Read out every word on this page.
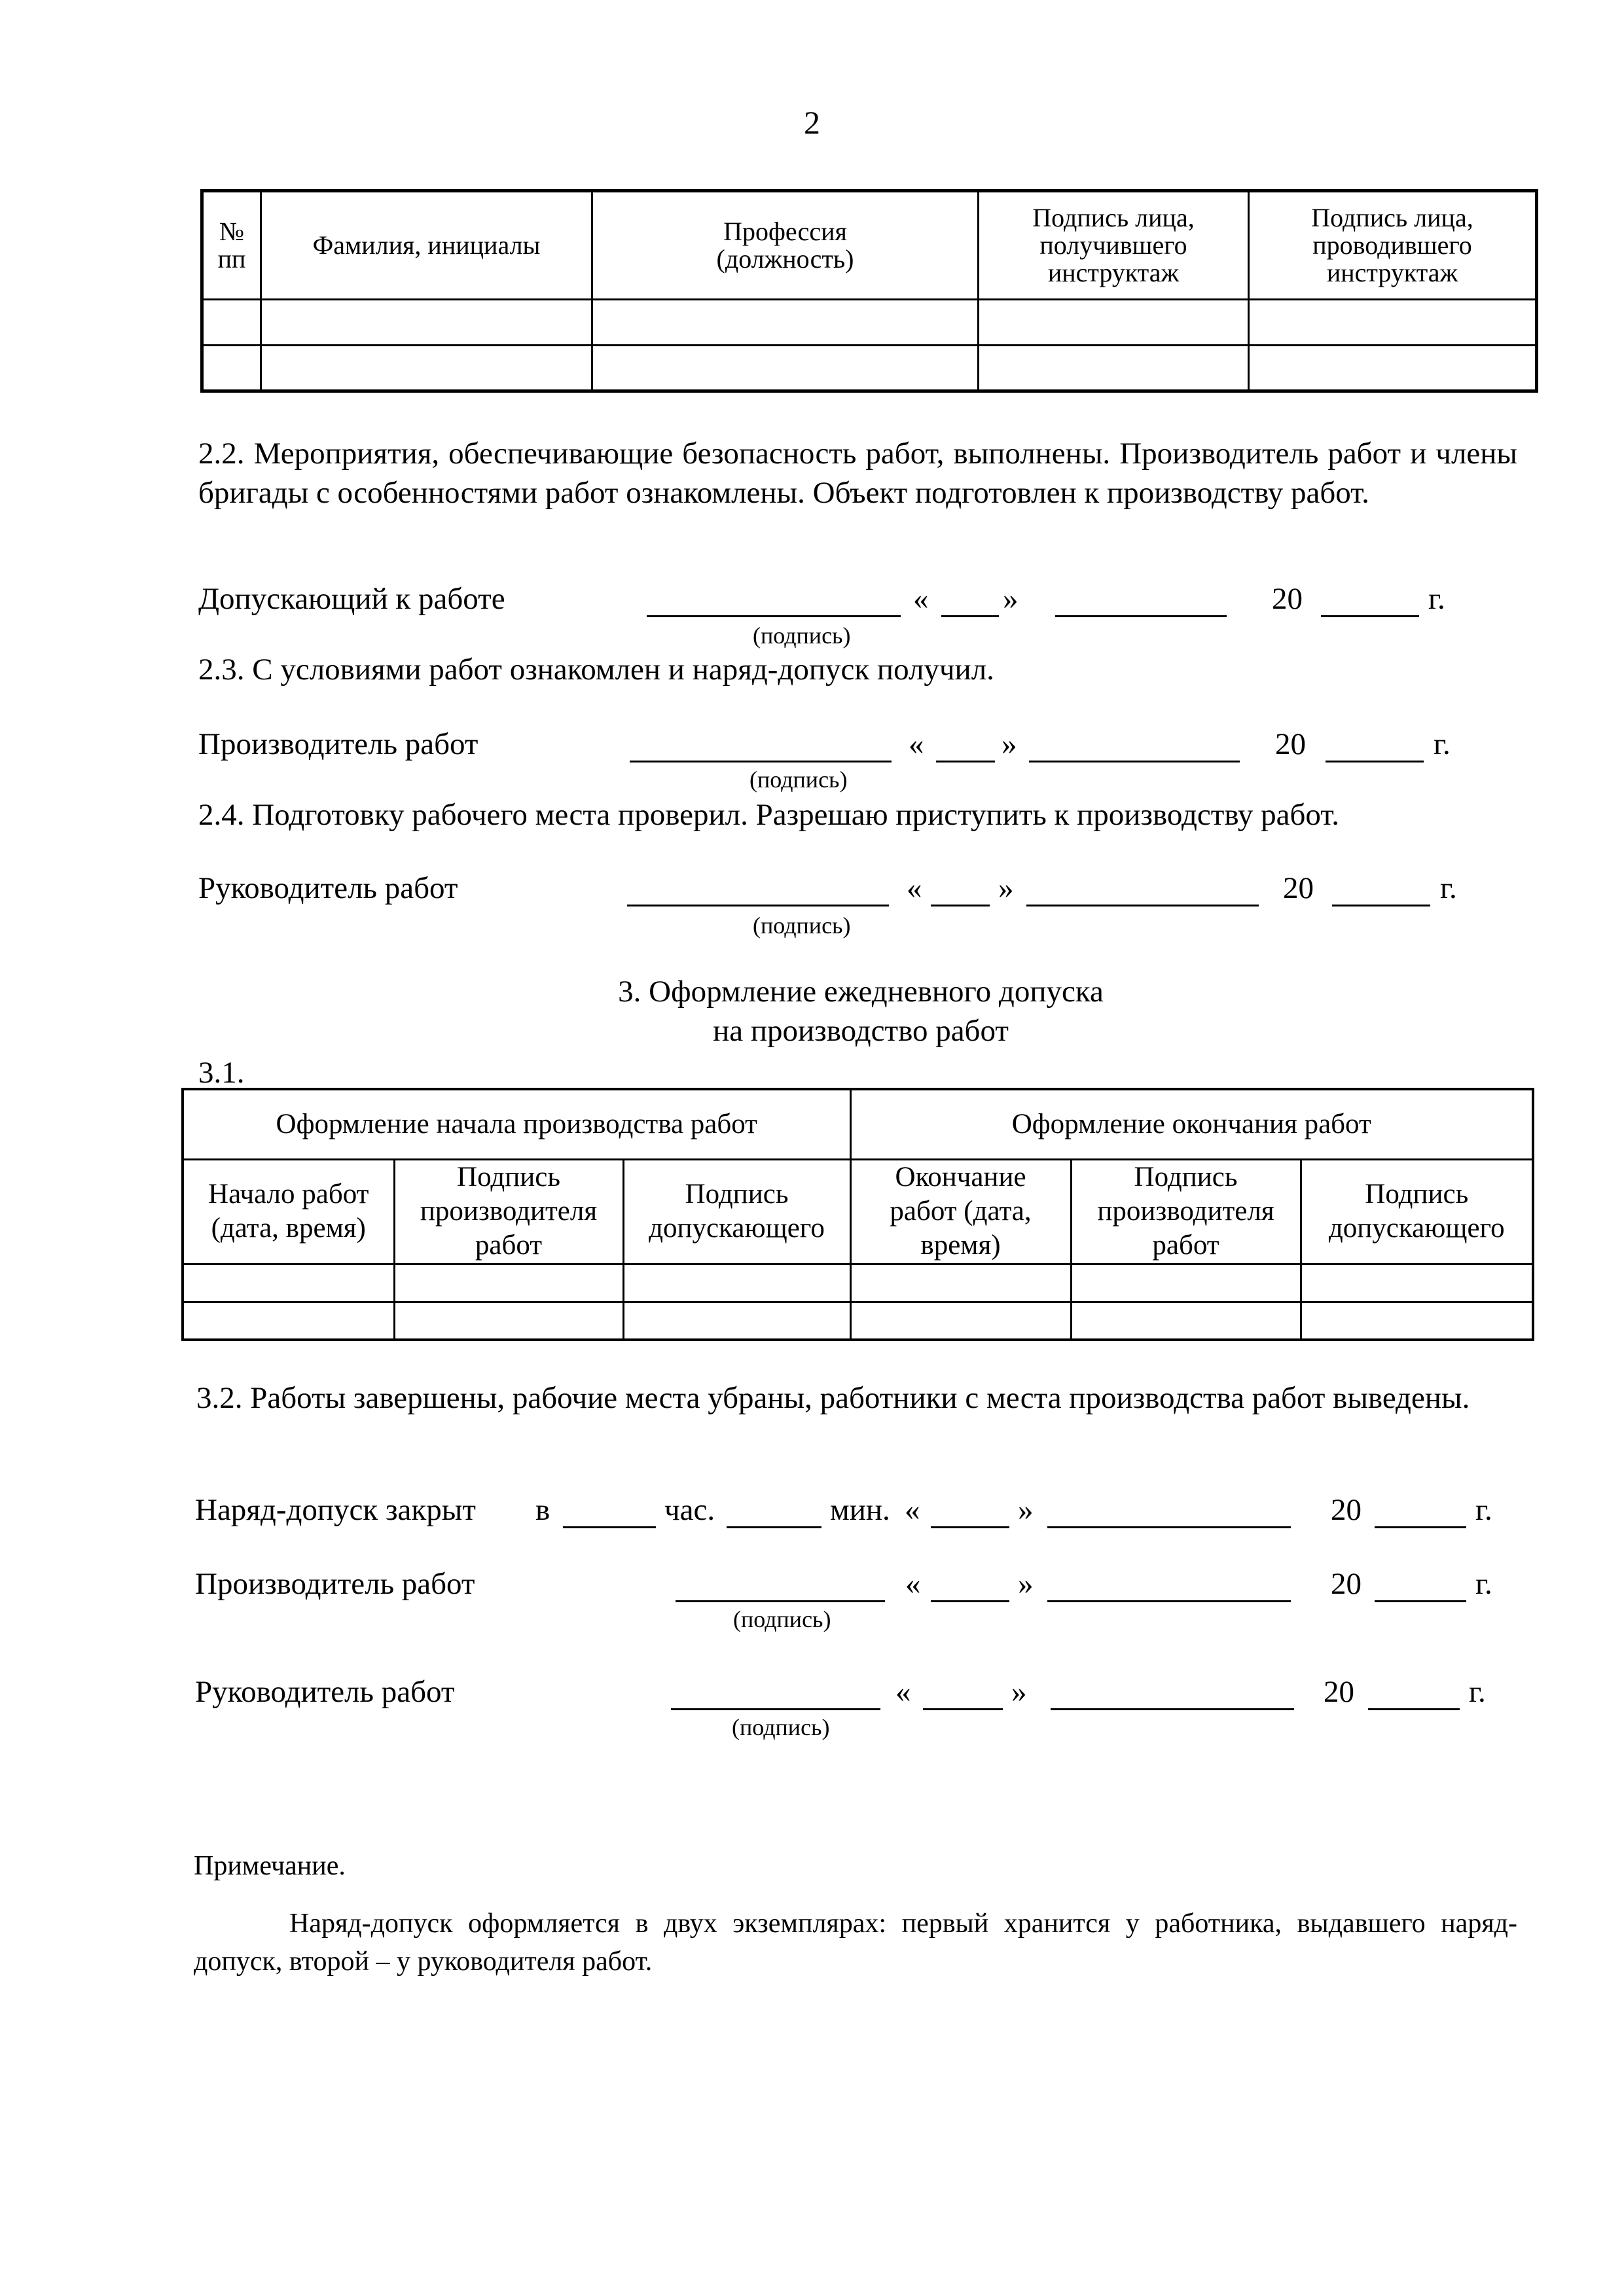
2
№ пп	Фамилия, инициалы	Профессия (должность)	Подпись лица, получившего инструктаж	Подпись лица, проводившего инструктаж

2.2. Мероприятия, обеспечивающие безопасность работ, выполнены. Производитель работ и члены бригады с особенностями работ ознакомлены. Объект подготовлен к производству работ.
Допускающий к работе	« »	20	г.
(подпись)
2.3. С условиями работ ознакомлен и наряд-допуск получил.
Производитель работ	«	»	20	г.
(подпись)
2.4. Подготовку рабочего места проверил. Разрешаю приступить к производству работ.
Руководитель работ	« »	20	г.
(подпись)
3. Оформление ежедневного допуска
на производство работ
3.1.
Оформление начала производства работ			Оформление окончания работ		
Начало работ (дата, время)	Подпись производителя работ	Подпись допускающего	Окончание работ (дата, время)	Подпись производителя работ	Подпись допускающего

3.2. Работы завершены, рабочие места убраны, работники с места производства работ выведены.
Наряд-допуск закрыт в	час.	мин. «	»	20	г.
Производитель работ	«	»	20	г.
(подпись)
Руководитель работ	«	»	20	г.
(подпись)
Примечание.
Наряд-допуск оформляется в двух экземплярах: первый хранится у работника, выдавшего наряд-допуск, второй – у руководителя работ.
